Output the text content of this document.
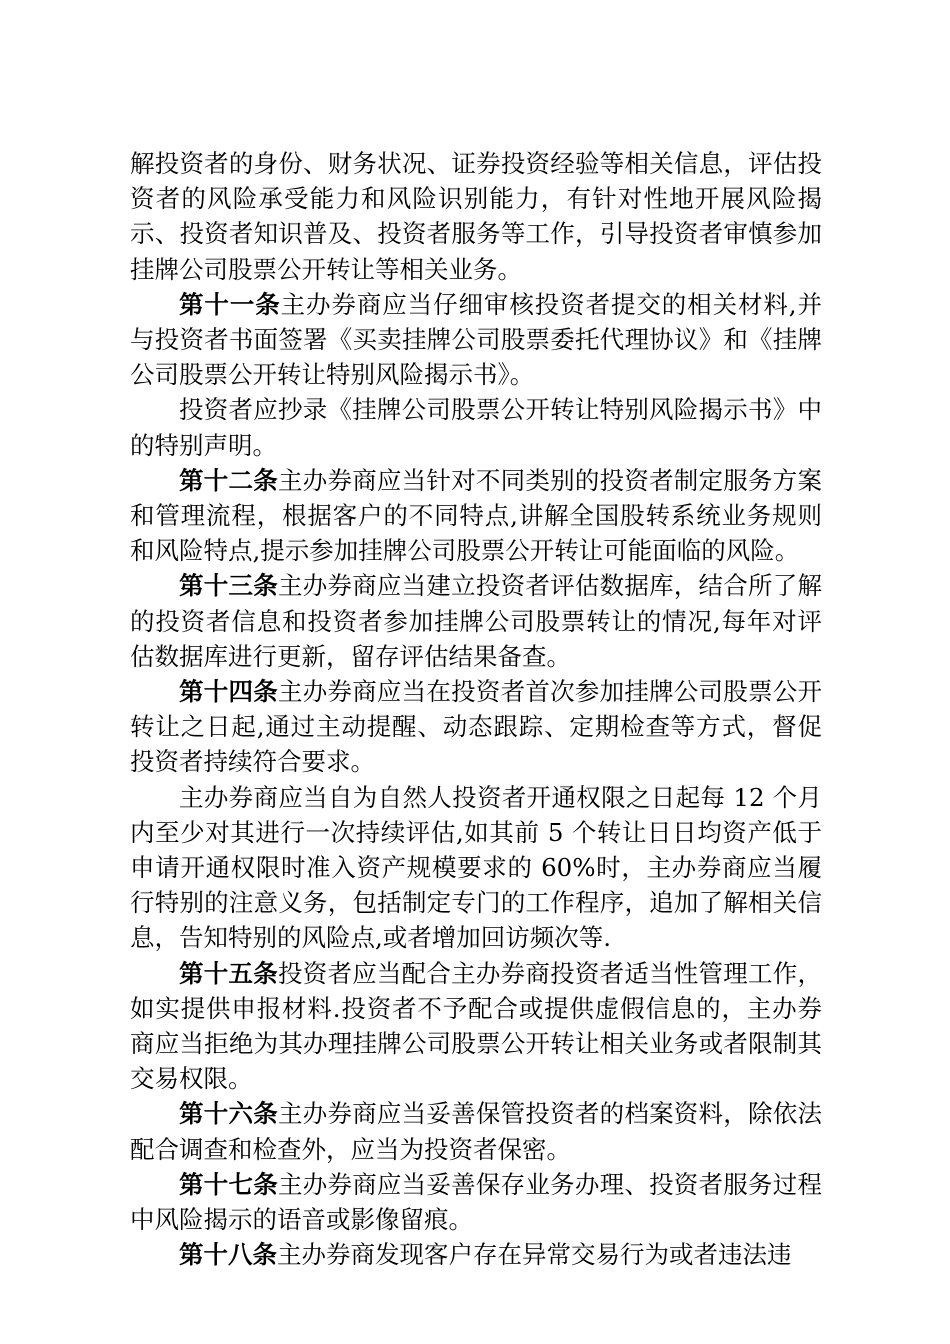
解投资者的身份、财务状况、证券投资经验等相关信息，评估投资者的风险承受能力和风险识别能力，有针对性地开展风险揭示、投资者知识普及、投资者服务等工作，引导投资者审慎参加挂牌公司股票公开转让等相关业务。

第十一条主办券商应当仔细审核投资者提交的相关材料,并与投资者书面签署《买卖挂牌公司股票委托代理协议》和《挂牌公司股票公开转让特别风险揭示书》。

投资者应抄录《挂牌公司股票公开转让特别风险揭示书》中的特别声明。

第十二条主办券商应当针对不同类别的投资者制定服务方案和管理流程，根据客户的不同特点,讲解全国股转系统业务规则和风险特点,提示参加挂牌公司股票公开转让可能面临的风险。

第十三条主办券商应当建立投资者评估数据库，结合所了解的投资者信息和投资者参加挂牌公司股票转让的情况,每年对评估数据库进行更新，留存评估结果备查。

第十四条主办券商应当在投资者首次参加挂牌公司股票公开转让之日起,通过主动提醒、动态跟踪、定期检查等方式，督促投资者持续符合要求。

主办券商应当自为自然人投资者开通权限之日起每 12 个月内至少对其进行一次持续评估,如其前 5 个转让日日均资产低于申请开通权限时准入资产规模要求的 60%时，主办券商应当履行特别的注意义务，包括制定专门的工作程序，追加了解相关信息，告知特别的风险点,或者增加回访频次等.

第十五条投资者应当配合主办券商投资者适当性管理工作，如实提供申报材料.投资者不予配合或提供虚假信息的，主办券商应当拒绝为其办理挂牌公司股票公开转让相关业务或者限制其交易权限。

第十六条主办券商应当妥善保管投资者的档案资料，除依法配合调查和检查外，应当为投资者保密。

第十七条主办券商应当妥善保存业务办理、投资者服务过程中风险揭示的语音或影像留痕。

第十八条主办券商发现客户存在异常交易行为或者违法违
